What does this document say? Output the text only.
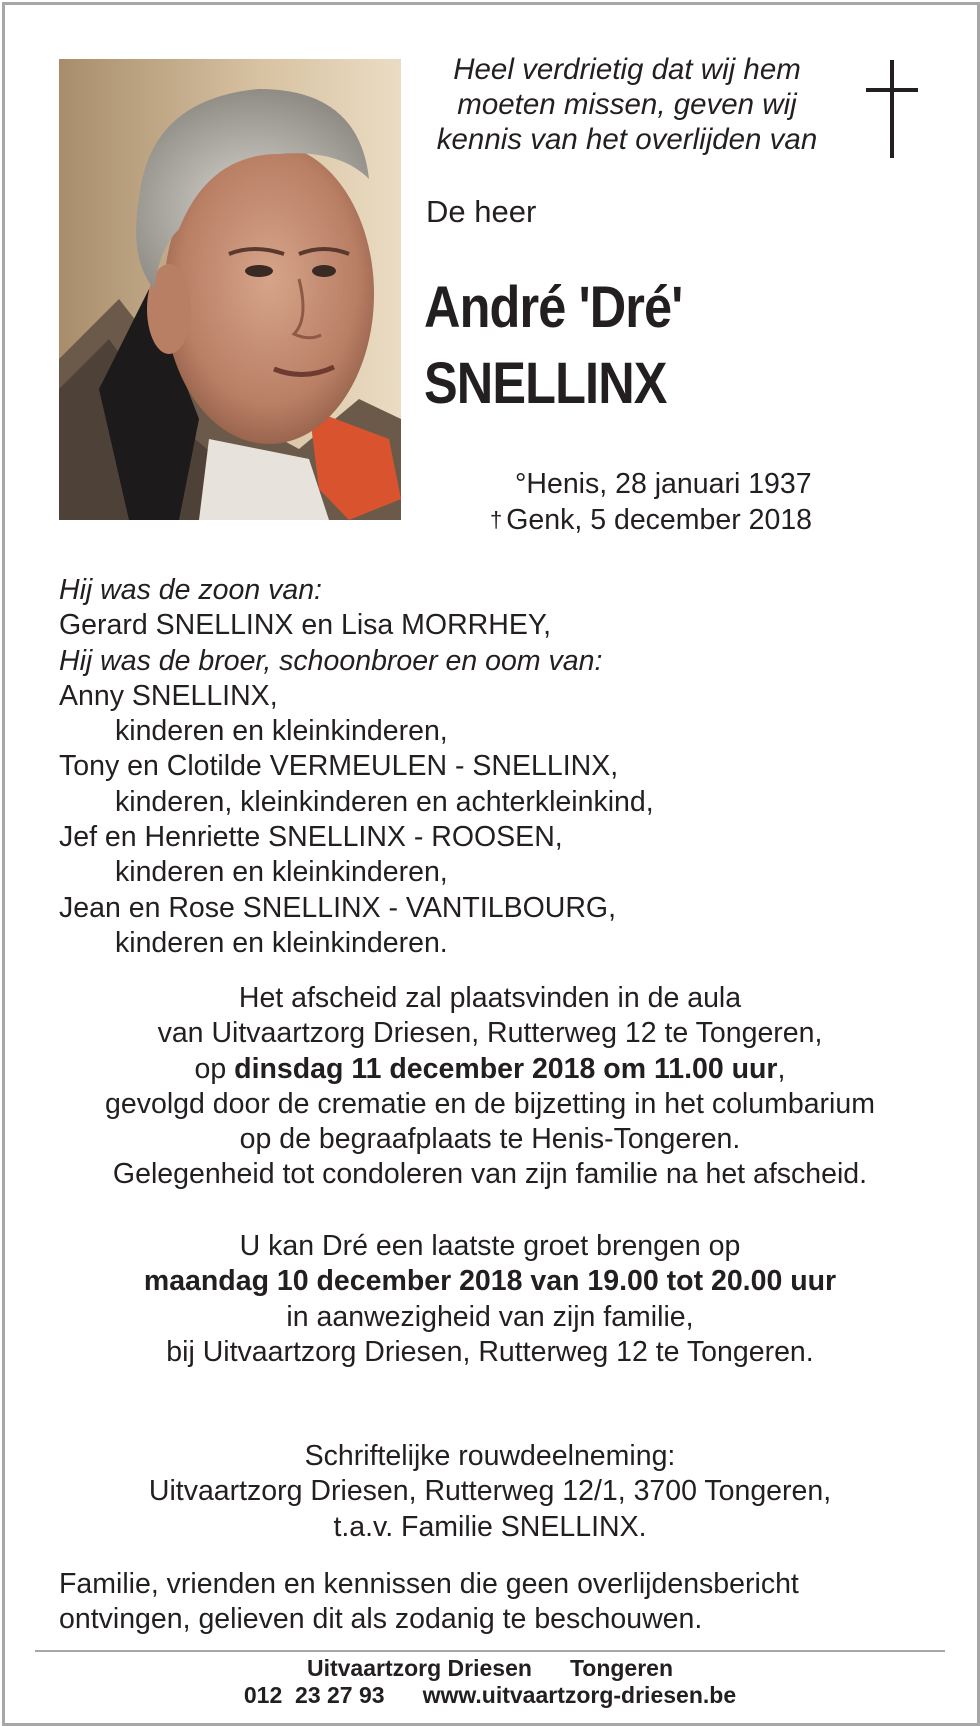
Heel verdrietig dat wij hem
moeten missen, geven wij
kennis van het overlijden van
De heer
André 'Dré'
SNELLINX
°Henis, 28 januari 1937
† Genk, 5 december 2018
Hij was de zoon van:
Gerard SNELLINX en Lisa MORRHEY,
Hij was de broer, schoonbroer en oom van:
Anny SNELLINX,
kinderen en kleinkinderen,
Tony en Clotilde VERMEULEN - SNELLINX,
kinderen, kleinkinderen en achterkleinkind,
Jef en Henriette SNELLINX - ROOSEN,
kinderen en kleinkinderen,
Jean en Rose SNELLINX - VANTILBOURG,
kinderen en kleinkinderen.
Het afscheid zal plaatsvinden in de aula
van Uitvaartzorg Driesen, Rutterweg 12 te Tongeren,
op dinsdag 11 december 2018 om 11.00 uur,
gevolgd door de crematie en de bijzetting in het columbarium
op de begraafplaats te Henis-Tongeren.
Gelegenheid tot condoleren van zijn familie na het afscheid.
U kan Dré een laatste groet brengen op
maandag 10 december 2018 van 19.00 tot 20.00 uur
in aanwezigheid van zijn familie,
bij Uitvaartzorg Driesen, Rutterweg 12 te Tongeren.
Schriftelijke rouwdeelneming:
Uitvaartzorg Driesen, Rutterweg 12/1, 3700 Tongeren,
t.a.v. Familie SNELLINX.
Familie, vrienden en kennissen die geen overlijdensbericht
ontvingen, gelieven dit als zodanig te beschouwen.
Uitvaartzorg Driesen Tongeren
012  23 27 93 www.uitvaartzorg-driesen.be
